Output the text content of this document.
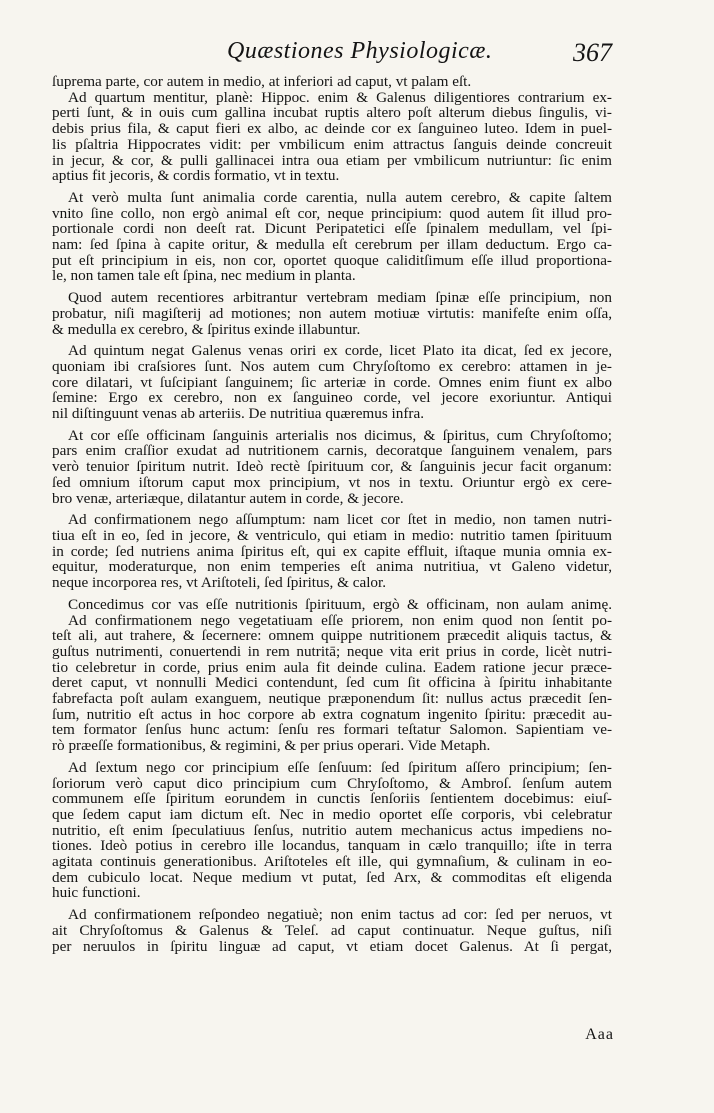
Quæstiones Physiologicæ.	367
ſuprema parte, cor autem in medio, at inferiori ad caput, vt palam eſt.
Ad quartum mentitur, planè: Hippoc. enim & Galenus diligentiores contrarium ex-
perti ſunt, & in ouis cum gallina incubat ruptis altero poſt alterum diebus ſingulis, vi-
debis prius fila, & caput fieri ex albo, ac deinde cor ex ſanguineo luteo. Idem in puel-
lis pſaltria Hippocrates vidit: per vmbilicum enim attractus ſanguis deinde concreuit
in jecur, & cor, & pulli gallinacei intra oua etiam per vmbilicum nutriuntur: ſic enim
aptius fit jecoris, & cordis formatio, vt in textu.
At verò multa ſunt animalia corde carentia, nulla autem cerebro, & capite ſaltem
vnito ſine collo, non ergò animal eſt cor, neque principium: quod autem ſit illud pro-
portionale cordi non deeſt rat. Dicunt Peripatetici eſſe ſpinalem medullam, vel ſpi-
nam: ſed ſpina à capite oritur, & medulla eſt cerebrum per illam deductum. Ergo ca-
put eſt principium in eis, non cor, oportet quoque caliditſimum eſſe illud proportiona-
le, non tamen tale eſt ſpina, nec medium in planta.
Quod autem recentiores arbitrantur vertebram mediam ſpinæ eſſe principium, non
probatur, niſi magiſterij ad motiones; non autem motiuæ virtutis: manifeſte enim oſſa,
& medulla ex cerebro, & ſpiritus exinde illabuntur.
Ad quintum negat Galenus venas oriri ex corde, licet Plato ita dicat, ſed ex jecore,
quoniam ibi craſsiores ſunt. Nos autem cum Chryſoſtomo ex cerebro: attamen in je-
core dilatari, vt ſuſcipiant ſanguinem; ſic arteriæ in corde. Omnes enim fiunt ex albo
ſemine: Ergo ex cerebro, non ex ſanguineo corde, vel jecore exoriuntur. Antiqui
nil diſtinguunt venas ab arteriis. De nutritiua quæremus infra.
At cor eſſe officinam ſanguinis arterialis nos dicimus, & ſpiritus, cum Chryſoſtomo;
pars enim craſſior exudat ad nutritionem carnis, decoratque ſanguinem venalem, pars
verò tenuior ſpiritum nutrit. Ideò rectè ſpirituum cor, & ſanguinis jecur facit organum:
ſed omnium iſtorum caput mox principium, vt nos in textu. Oriuntur ergò ex cere-
bro venæ, arteriæque, dilatantur autem in corde, & jecore.
Ad confirmationem nego aſſumptum: nam licet cor ſtet in medio, non tamen nutri-
tiua eſt in eo, ſed in jecore, & ventriculo, qui etiam in medio: nutritio tamen ſpirituum
in corde; ſed nutriens anima ſpiritus eſt, qui ex capite effluit, iſtaque munia omnia ex-
equitur, moderaturque, non enim temperies eſt anima nutritiua, vt Galeno videtur,
neque incorporea res, vt Ariſtoteli, ſed ſpiritus, & calor.
Concedimus cor vas eſſe nutritionis ſpirituum, ergò & officinam, non aulam animę.
Ad confirmationem nego vegetatiuam eſſe priorem, non enim quod non ſentit po-
teſt ali, aut trahere, & ſecernere: omnem quippe nutritionem præcedit aliquis tactus, &
guſtus nutrimenti, conuertendi in rem nutritā; neque vita erit prius in corde, licèt nutri-
tio celebretur in corde, prius enim aula fit deinde culina. Eadem ratione jecur præce-
deret caput, vt nonnulli Medici contendunt, ſed cum ſit officina à ſpiritu inhabitante
fabrefacta poſt aulam exanguem, neutique præponendum ſit: nullus actus præcedit ſen-
ſum, nutritio eſt actus in hoc corpore ab extra cognatum ingenito ſpiritu: præcedit au-
tem formator ſenſus hunc actum: ſenſu res formari teſtatur Salomon. Sapientiam ve-
rò præeſſe formationibus, & regimini, & per prius operari. Vide Metaph.
Ad ſextum nego cor principium eſſe ſenſuum: ſed ſpiritum aſſero principium; ſen-
ſoriorum verò caput dico principium cum Chryſoſtomo, & Ambroſ. ſenſum autem
communem eſſe ſpiritum eorundem in cunctis ſenſoriis ſentientem docebimus: eiuſ-
que ſedem caput iam dictum eſt. Nec in medio oportet eſſe corporis, vbi celebratur
nutritio, eſt enim ſpeculatiuus ſenſus, nutritio autem mechanicus actus impediens no-
tiones. Ideò potius in cerebro ille locandus, tanquam in cælo tranquillo; iſte in terra
agitata continuis generationibus. Ariſtoteles eſt ille, qui gymnaſium, & culinam in eo-
dem cubiculo locat. Neque medium vt putat, ſed Arx, & commoditas eſt eligenda
huic functioni.
Ad confirmationem reſpondeo negatiuè; non enim tactus ad cor: ſed per neruos, vt
ait Chryſoſtomus & Galenus & Teleſ. ad caput continuatur. Neque guſtus, niſi
per neruulos in ſpiritu linguæ ad caput, vt etiam docet Galenus. At ſi pergat,
Aaa
